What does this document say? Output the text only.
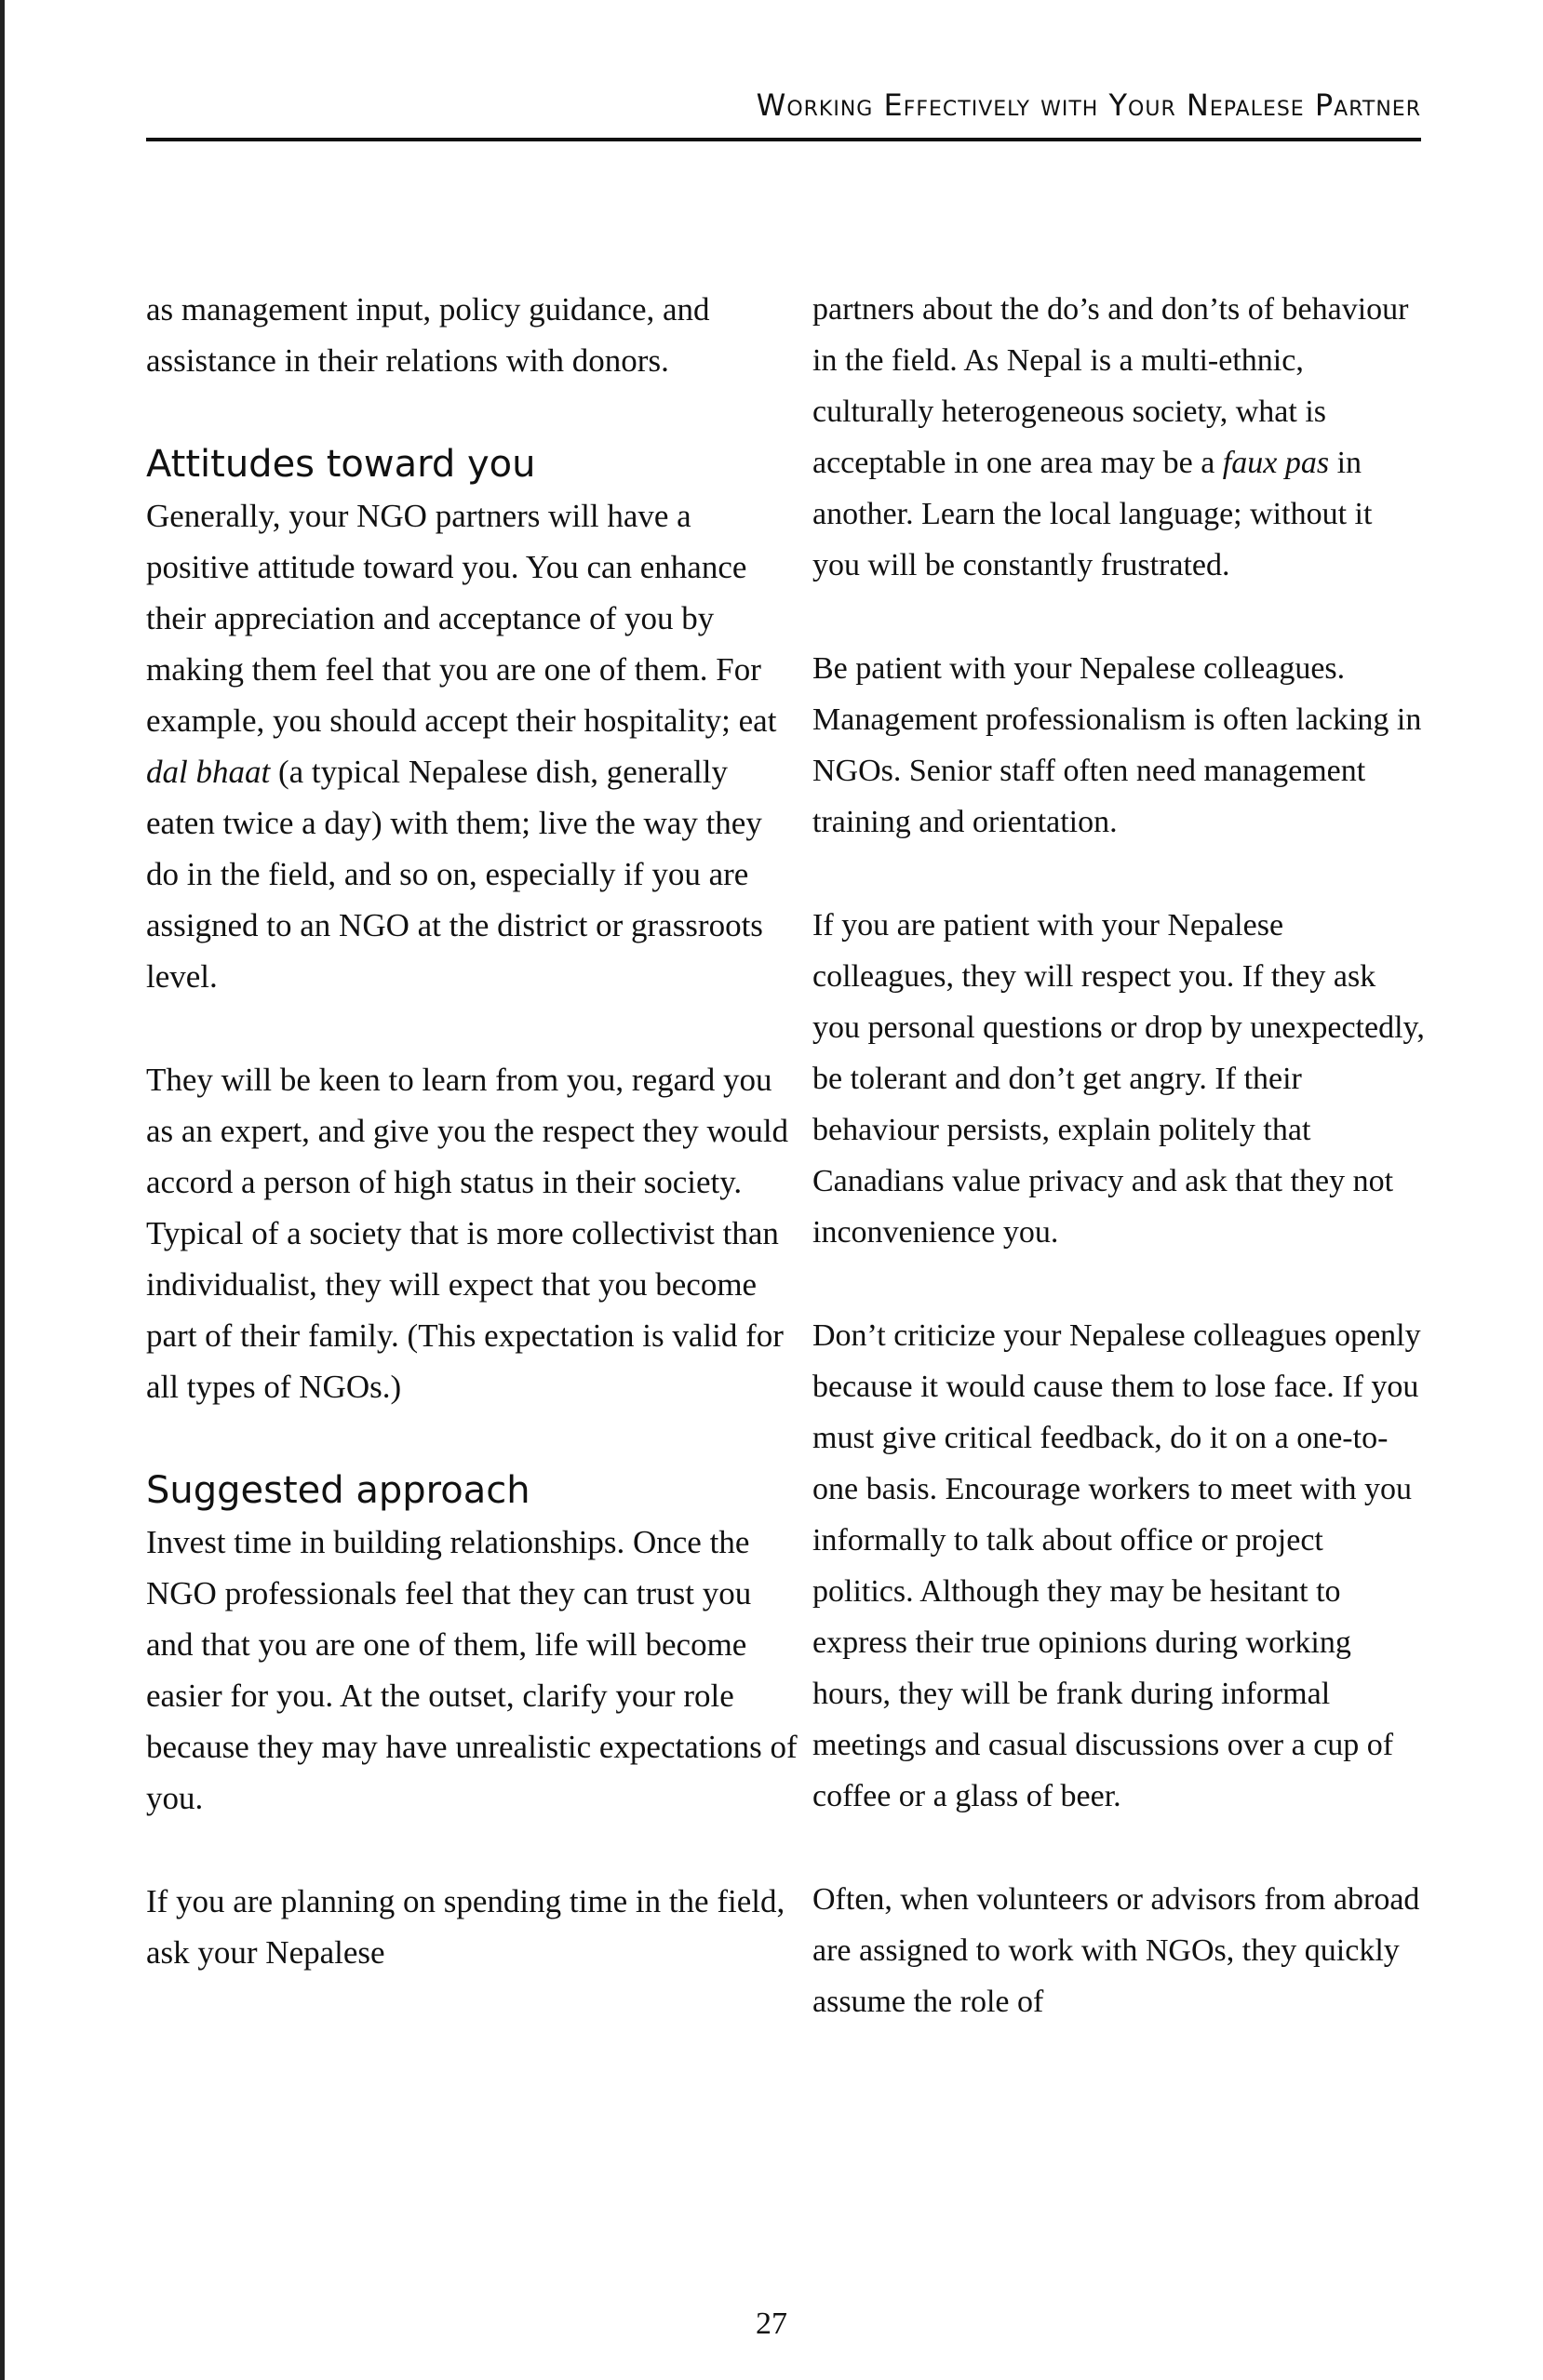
Working Effectively with Your Nepalese Partner

as management input, policy guidance, and assistance in their relations with donors.

Attitudes toward you

Generally, your NGO partners will have a positive attitude toward you. You can enhance their appreciation and acceptance of you by making them feel that you are one of them. For example, you should accept their hospitality; eat dal bhaat (a typical Nepalese dish, generally eaten twice a day) with them; live the way they do in the field, and so on, especially if you are assigned to an NGO at the district or grassroots level.

They will be keen to learn from you, regard you as an expert, and give you the respect they would accord a person of high status in their society. Typical of a society that is more collectivist than individualist, they will expect that you become part of their family. (This expectation is valid for all types of NGOs.)

Suggested approach

Invest time in building relationships. Once the NGO professionals feel that they can trust you and that you are one of them, life will become easier for you. At the outset, clarify your role because they may have unrealistic expectations of you.

If you are planning on spending time in the field, ask your Nepalese

partners about the do’s and don’ts of behaviour in the field. As Nepal is a multi-ethnic, culturally heterogeneous society, what is acceptable in one area may be a faux pas in another. Learn the local language; without it you will be constantly frustrated.

Be patient with your Nepalese colleagues. Management professionalism is often lacking in NGOs. Senior staff often need management training and orientation.

If you are patient with your Nepalese colleagues, they will respect you. If they ask you personal questions or drop by unexpectedly, be tolerant and don’t get angry. If their behaviour persists, explain politely that Canadians value privacy and ask that they not inconvenience you.

Don’t criticize your Nepalese colleagues openly because it would cause them to lose face. If you must give critical feedback, do it on a one-to-one basis. Encourage workers to meet with you informally to talk about office or project politics. Although they may be hesitant to express their true opinions during working hours, they will be frank during informal meetings and casual discussions over a cup of coffee or a glass of beer.

Often, when volunteers or advisors from abroad are assigned to work with NGOs, they quickly assume the role of

27
